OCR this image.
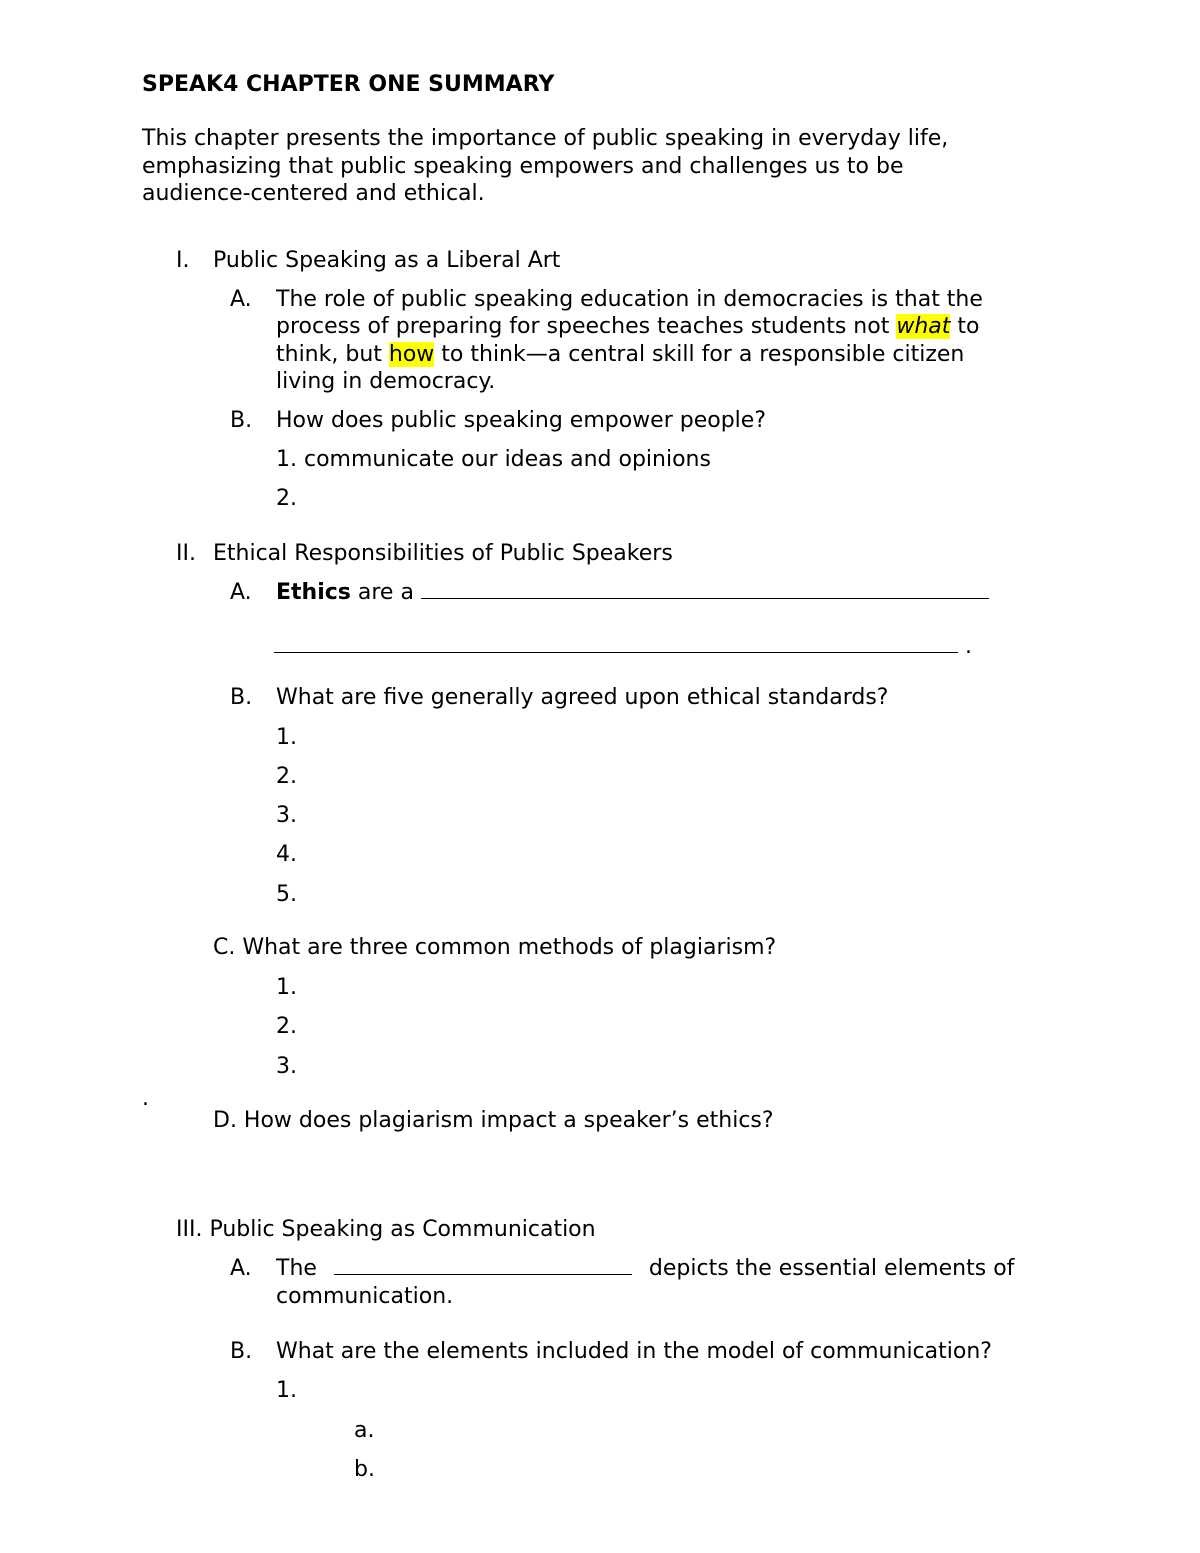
SPEAK4 CHAPTER ONE SUMMARY
This chapter presents the importance of public speaking in everyday life,
emphasizing that public speaking empowers and challenges us to be
audience-centered and ethical.
I. Public Speaking as a Liberal Art
A. The role of public speaking education in democracies is that the
process of preparing for speeches teaches students not what to
think, but how to think—a central skill for a responsible citizen
living in democracy.
B. How does public speaking empower people?
1. communicate our ideas and opinions
2.
II. Ethical Responsibilities of Public Speakers
A. Ethics are a
.
B. What are five generally agreed upon ethical standards?
1.
2.
3.
4.
5.
C. What are three common methods of plagiarism?
1.
2.
3.
.
D. How does plagiarism impact a speaker’s ethics?
III. Public Speaking as Communication
A. The	depicts the essential elements of
communication.
B. What are the elements included in the model of communication?
1.
a.
b.
